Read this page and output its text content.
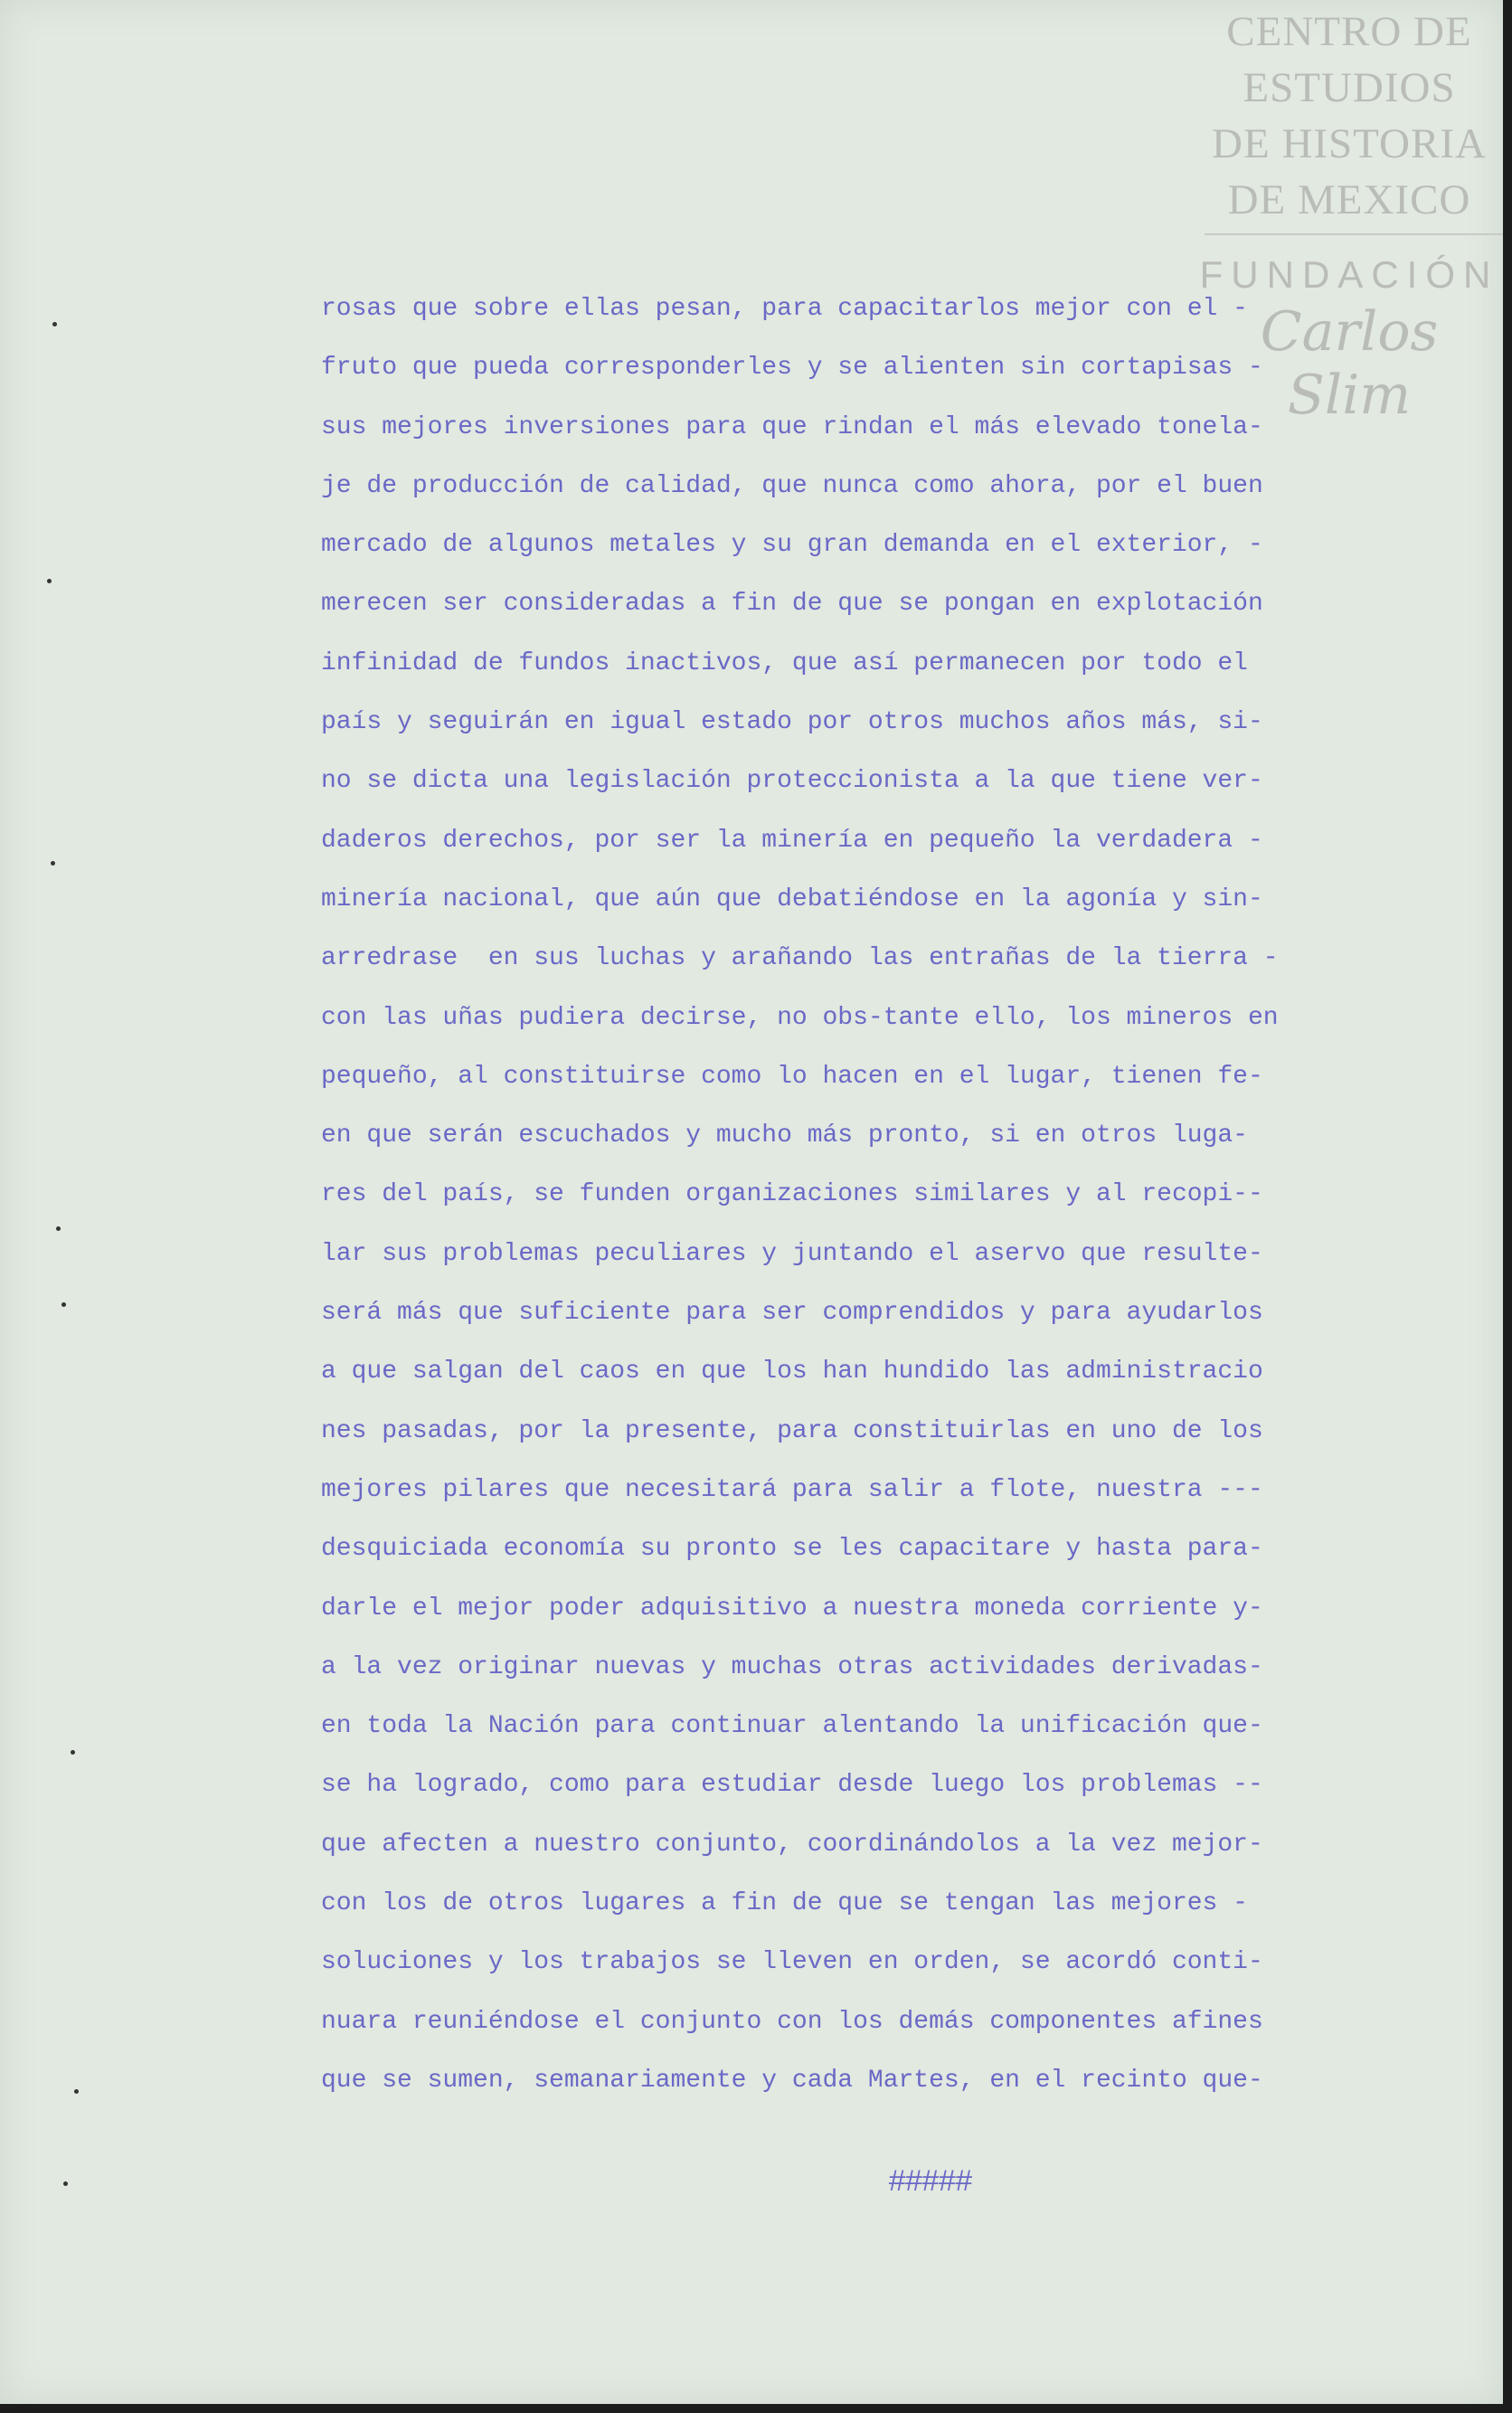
CENTRO DE
ESTUDIOS
DE HISTORIA
DE MEXICO
FUNDACIÓN
Carlos Slim
rosas que sobre ellas pesan, para capacitarlos mejor con el -
fruto que pueda corresponderles y se alienten sin cortapisas -
sus mejores inversiones para que rindan el más elevado tonela-
je de producción de calidad, que nunca como ahora, por el buen
mercado de algunos metales y su gran demanda en el exterior, -
merecen ser consideradas a fin de que se pongan en explotación
infinidad de fundos inactivos, que así permanecen por todo el
país y seguirán en igual estado por otros muchos años más, si-
no se dicta una legislación proteccionista a la que tiene ver-
daderos derechos, por ser la minería en pequeño la verdadera -
minería nacional, que aún que debatiéndose en la agonía y sin-
arredrase  en sus luchas y arañando las entrañas de la tierra -
con las uñas pudiera decirse, no obs-tante ello, los mineros en
pequeño, al constituirse como lo hacen en el lugar, tienen fe-
en que serán escuchados y mucho más pronto, si en otros luga-
res del país, se funden organizaciones similares y al recopi--
lar sus problemas peculiares y juntando el aservo que resulte-
será más que suficiente para ser comprendidos y para ayudarlos
a que salgan del caos en que los han hundido las administracio
nes pasadas, por la presente, para constituirlas en uno de los
mejores pilares que necesitará para salir a flote, nuestra ---
desquiciada economía su pronto se les capacitare y hasta para-
darle el mejor poder adquisitivo a nuestra moneda corriente y-
a la vez originar nuevas y muchas otras actividades derivadas-
en toda la Nación para continuar alentando la unificación que-
se ha logrado, como para estudiar desde luego los problemas --
que afecten a nuestro conjunto, coordinándolos a la vez mejor-
con los de otros lugares a fin de que se tengan las mejores -
soluciones y los trabajos se lleven en orden, se acordó conti-
nuara reuniéndose el conjunto con los demás componentes afines
que se sumen, semanariamente y cada Martes, en el recinto que-
#####
